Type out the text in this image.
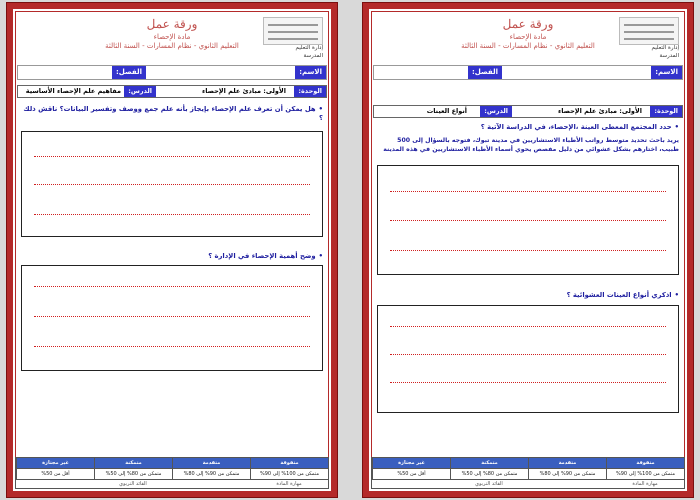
ورقة عمل
مادة الإحصاء
التعليم الثانوي - نظام المسارات - السنة الثالثة	إدارة التعليم
المدرسة
الاسم:
الفصل:
الوحدة:
الأولى: مبادئ علم الإحصاء
الدرس:
مفاهيم علم الإحصاء الأساسية
•هل يمكن أن تعرف علم الإحصاء بإيجاز بأنه علم جمع ووصف وتفسير البيانات؟ ناقش ذلك ؟
•وضح أهمية الإحصاء في الإدارة ؟
متفوقة
متقدمة
متمكنة
غير مجتازة
متمكن من 100% إلى 90%
متمكن من 90% إلى 80%
متمكن من 80% إلى 50%
أقل من 50%
مهارة المادة
القائد التربوي
ورقة عمل
مادة الإحصاء
التعليم الثانوي - نظام المسارات - السنة الثالثة	إدارة التعليم
المدرسة
الاسم:
الفصل:
الوحدة:
الأولى: مبادئ علم الإحصاء
الدرس:
أنواع العينات
•حدد المجتمع المعطى العينة ،الإحصاء، في الدراسة الآتية ؟
يريد باحث تحديد متوسط رواتب الأطباء الاستشاريين في مدينة تبوك، فتوجه بالسؤال إلى 500 طبيب، اختارهم بشكل عشوائي من دليل مفصص يحوي أسماء الأطباء الاستشاريين في هذه المدينة
•اذكري أنواع العينات العشوائية ؟
متفوقة
متقدمة
متمكنة
غير مجتازة
متمكن من 100% إلى 90%
متمكن من 90% إلى 80%
متمكن من 80% إلى 50%
أقل من 50%
مهارة المادة
القائد التربوي
